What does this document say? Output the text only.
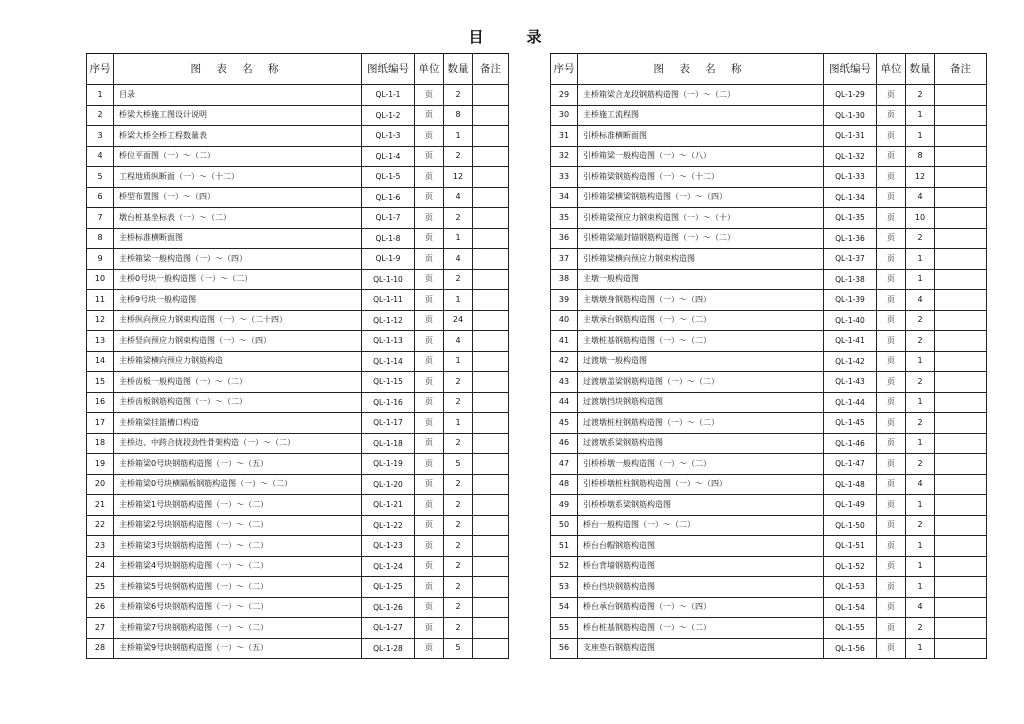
目　录
序号	图 表 名 称	图纸编号	单位	数量	备注
1	目录	QL-1-1	页	2	
2	桥梁大桥施工图设计说明	QL-1-2	页	8	
3	桥梁大桥全桥工程数量表	QL-1-3	页	1	
4	桥位平面图（一）～（二）	QL-1-4	页	2	
5	工程地质纵断面（一）～（十二）	QL-1-5	页	12	
6	桥型布置图（一）～（四）	QL-1-6	页	4	
7	墩台桩基坐标表（一）～（二）	QL-1-7	页	2	
8	主桥标准横断面图	QL-1-8	页	1	
9	主桥箱梁一般构造图（一）～（四）	QL-1-9	页	4	
10	主桥0号块一般构造图（一）～（二）	QL-1-10	页	2	
11	主桥9号块一般构造图	QL-1-11	页	1	
12	主桥纵向预应力钢束构造图（一）～（二十四）	QL-1-12	页	24	
13	主桥竖向预应力钢束构造图（一）～（四）	QL-1-13	页	4	
14	主桥箱梁横向预应力钢筋构造	QL-1-14	页	1	
15	主桥齿板一般构造图（一）～（二）	QL-1-15	页	2	
16	主桥齿板钢筋构造图（一）～（二）	QL-1-16	页	2	
17	主桥箱梁挂篮槽口构造	QL-1-17	页	1	
18	主桥边、中跨合拢段劲性骨架构造（一）～（二）	QL-1-18	页	2	
19	主桥箱梁0号块钢筋构造图（一）～（五）	QL-1-19	页	5	
20	主桥箱梁0号块横隔板钢筋构造图（一）～（二）	QL-1-20	页	2	
21	主桥箱梁1号块钢筋构造图（一）～（二）	QL-1-21	页	2	
22	主桥箱梁2号块钢筋构造图（一）～（二）	QL-1-22	页	2	
23	主桥箱梁3号块钢筋构造图（一）～（二）	QL-1-23	页	2	
24	主桥箱梁4号块钢筋构造图（一）～（二）	QL-1-24	页	2	
25	主桥箱梁5号块钢筋构造图（一）～（二）	QL-1-25	页	2	
26	主桥箱梁6号块钢筋构造图（一）～（二）	QL-1-26	页	2	
27	主桥箱梁7号块钢筋构造图（一）～（二）	QL-1-27	页	2	
28	主桥箱梁9号块钢筋构造图（一）～（五）	QL-1-28	页	5	
序号	图 表 名 称	图纸编号	单位	数量	备注
29	主桥箱梁合龙段钢筋构造图（一）～（二）	QL-1-29	页	2	
30	主桥施工流程图	QL-1-30	页	1	
31	引桥标准横断面图	QL-1-31	页	1	
32	引桥箱梁一般构造图（一）～（八）	QL-1-32	页	8	
33	引桥箱梁钢筋构造图（一）～（十二）	QL-1-33	页	12	
34	引桥箱梁横梁钢筋构造图（一）～（四）	QL-1-34	页	4	
35	引桥箱梁预应力钢束构造图（一）～（十）	QL-1-35	页	10	
36	引桥箱梁端封锚钢筋构造图（一）～（二）	QL-1-36	页	2	
37	引桥箱梁横向预应力钢束构造图	QL-1-37	页	1	
38	主墩一般构造图	QL-1-38	页	1	
39	主墩墩身钢筋构造图（一）～（四）	QL-1-39	页	4	
40	主墩承台钢筋构造图（一）～（二）	QL-1-40	页	2	
41	主墩桩基钢筋构造图（一）～（二）	QL-1-41	页	2	
42	过渡墩一般构造图	QL-1-42	页	1	
43	过渡墩盖梁钢筋构造图（一）～（二）	QL-1-43	页	2	
44	过渡墩挡块钢筋构造图	QL-1-44	页	1	
45	过渡墩桩柱钢筋构造图（一）～（二）	QL-1-45	页	2	
46	过渡墩系梁钢筋构造图	QL-1-46	页	1	
47	引桥桥墩一般构造图（一）～（二）	QL-1-47	页	2	
48	引桥桥墩桩柱钢筋构造图（一）～（四）	QL-1-48	页	4	
49	引桥桥墩系梁钢筋构造图	QL-1-49	页	1	
50	桥台一般构造图（一）～（二）	QL-1-50	页	2	
51	桥台台帽钢筋构造图	QL-1-51	页	1	
52	桥台背墙钢筋构造图	QL-1-52	页	1	
53	桥台挡块钢筋构造图	QL-1-53	页	1	
54	桥台承台钢筋构造图（一）～（四）	QL-1-54	页	4	
55	桥台桩基钢筋构造图（一）～（二）	QL-1-55	页	2	
56	支座垫石钢筋构造图	QL-1-56	页	1	
